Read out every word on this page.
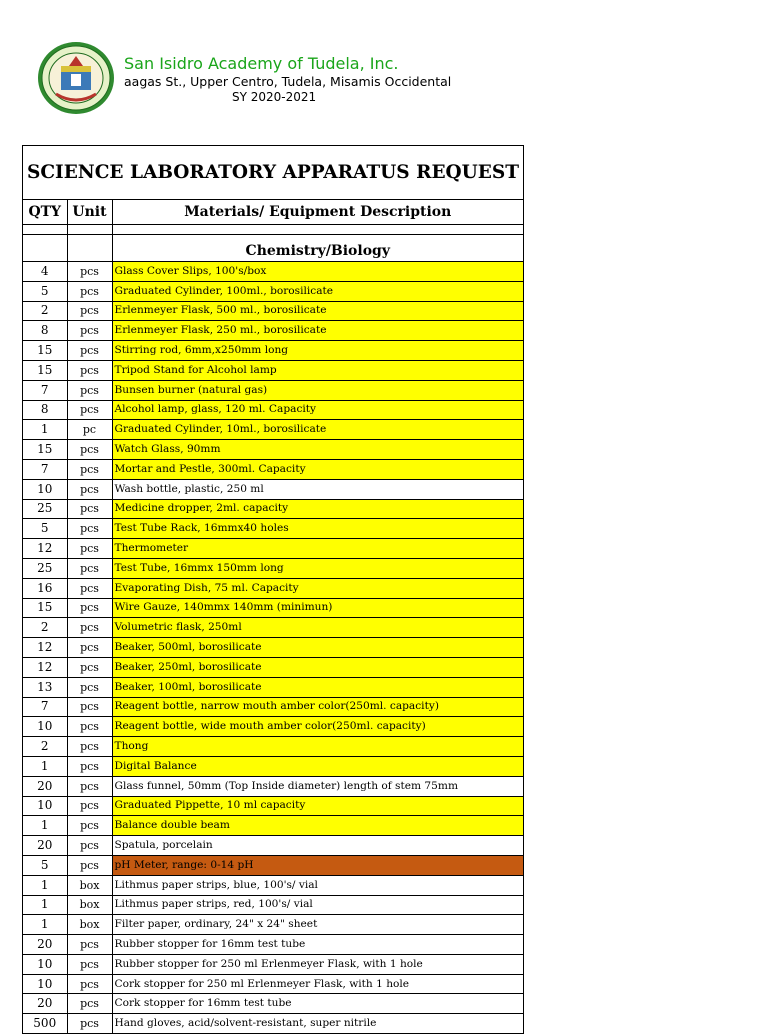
San Isidro Academy of Tudela, Inc.
aagas St., Upper Centro, Tudela, Misamis Occidental
SY 2020-2021
SCIENCE LABORATORY APPARATUS REQUEST
QTY	Unit	Materials/ Equipment Description

		Chemistry/Biology
4	pcs	Glass Cover Slips, 100's/box
5	pcs	Graduated Cylinder, 100ml., borosilicate
2	pcs	Erlenmeyer Flask, 500 ml., borosilicate
8	pcs	Erlenmeyer Flask, 250 ml., borosilicate
15	pcs	Stirring rod, 6mm,x250mm long
15	pcs	Tripod Stand for Alcohol lamp
7	pcs	Bunsen burner (natural gas)
8	pcs	Alcohol lamp, glass, 120 ml. Capacity
1	pc	Graduated Cylinder, 10ml., borosilicate
15	pcs	Watch Glass, 90mm
7	pcs	Mortar and Pestle, 300ml. Capacity
10	pcs	Wash bottle, plastic, 250 ml
25	pcs	Medicine dropper, 2ml. capacity
5	pcs	Test Tube Rack, 16mmx40 holes
12	pcs	Thermometer
25	pcs	Test Tube, 16mmx 150mm long
16	pcs	Evaporating Dish, 75 ml. Capacity
15	pcs	Wire Gauze, 140mmx 140mm (minimun)
2	pcs	Volumetric flask, 250ml
12	pcs	Beaker, 500ml, borosilicate
12	pcs	Beaker, 250ml, borosilicate
13	pcs	Beaker, 100ml, borosilicate
7	pcs	Reagent bottle, narrow mouth amber color(250ml. capacity)
10	pcs	Reagent bottle, wide mouth amber color(250ml. capacity)
2	pcs	Thong
1	pcs	Digital Balance
20	pcs	Glass funnel, 50mm (Top Inside diameter) length of stem 75mm
10	pcs	Graduated Pippette, 10 ml capacity
1	pcs	Balance double beam
20	pcs	Spatula, porcelain
5	pcs	pH Meter, range: 0-14 pH
1	box	Lithmus paper strips, blue, 100's/ vial
1	box	Lithmus paper strips, red, 100's/ vial
1	box	Filter paper, ordinary, 24" x 24" sheet
20	pcs	Rubber stopper for 16mm test tube
10	pcs	Rubber stopper for 250 ml Erlenmeyer Flask, with 1 hole
10	pcs	Cork stopper for 250 ml Erlenmeyer Flask, with 1 hole
20	pcs	Cork stopper for 16mm test tube
500	pcs	Hand gloves, acid/solvent-resistant, super nitrile
